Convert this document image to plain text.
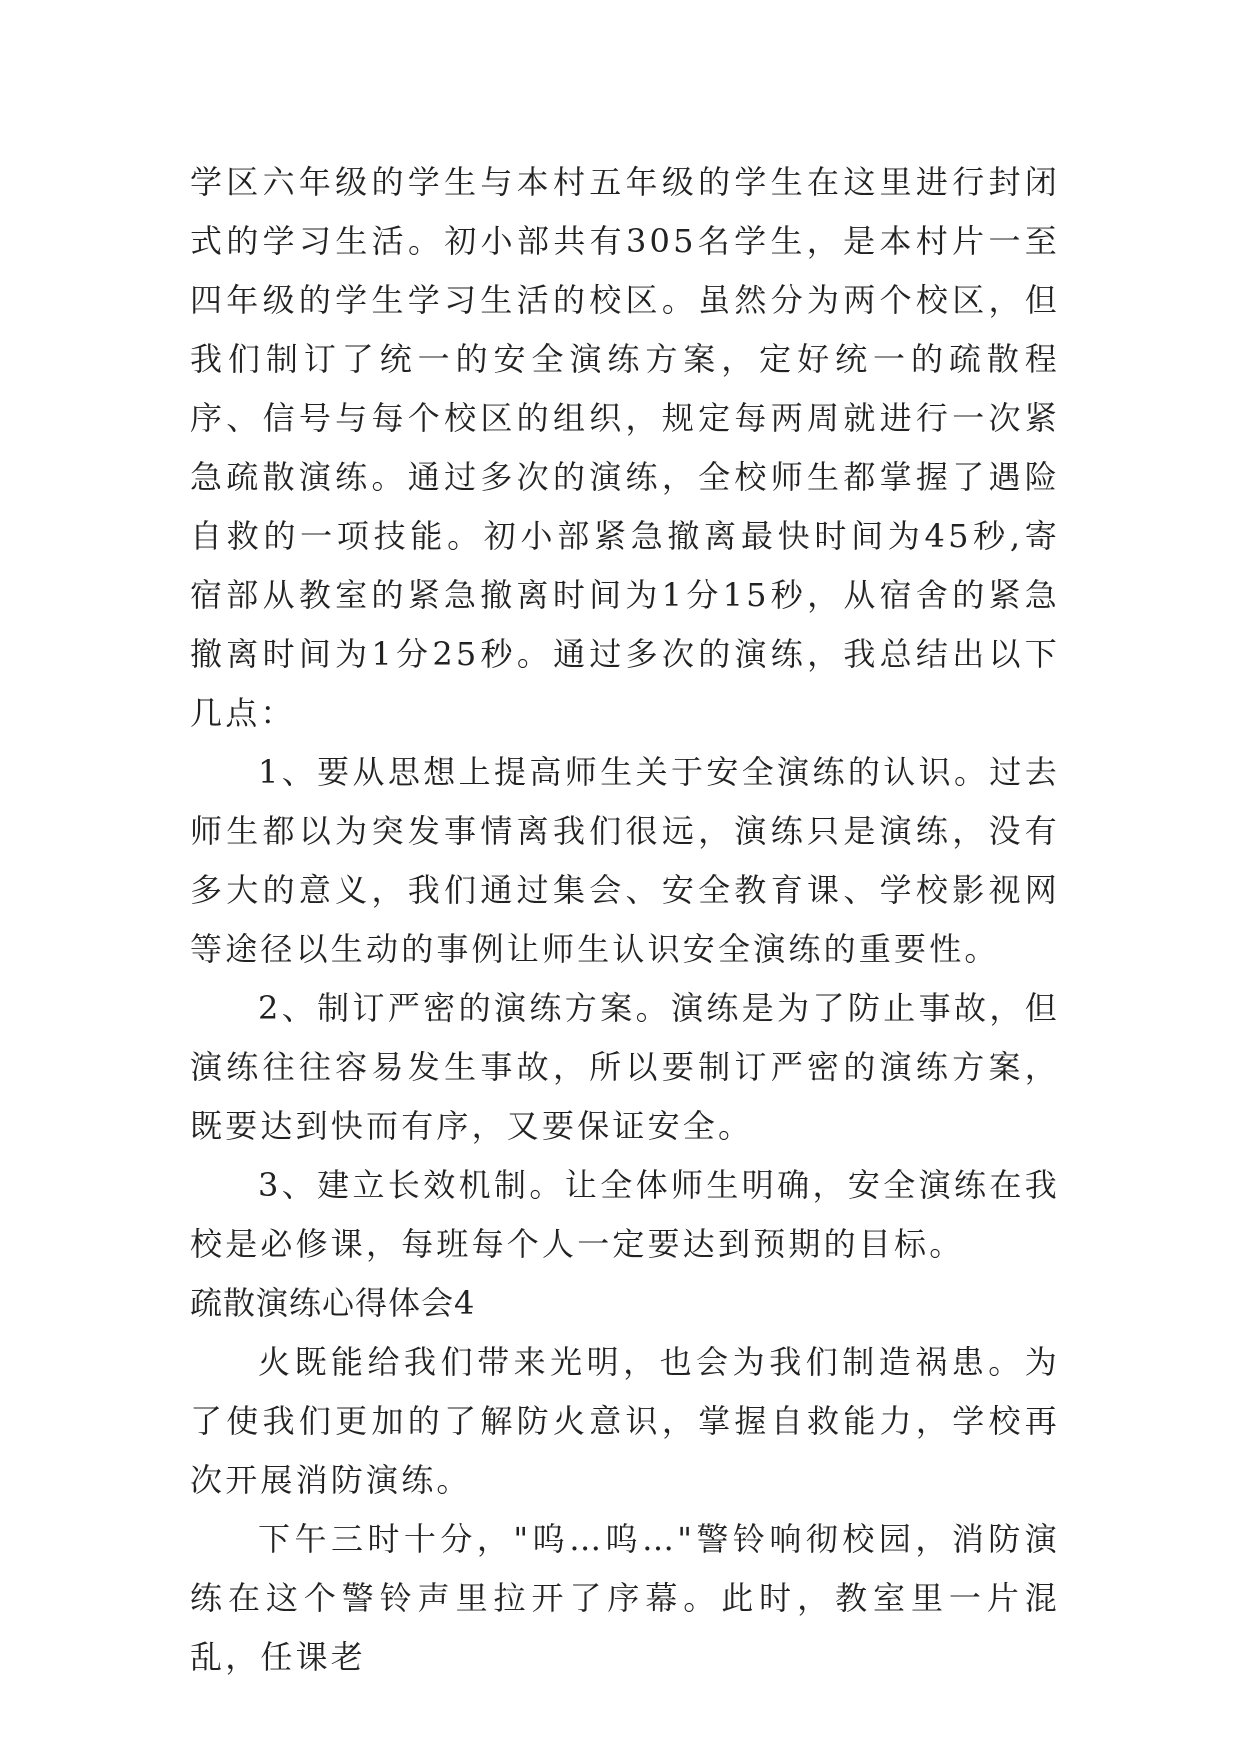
学区六年级的学生与本村五年级的学生在这里进行封闭式的学习生活。初小部共有305名学生，是本村片一至四年级的学生学习生活的校区。虽然分为两个校区，但我们制订了统一的安全演练方案，定好统一的疏散程序、信号与每个校区的组织，规定每两周就进行一次紧急疏散演练。通过多次的演练，全校师生都掌握了遇险自救的一项技能。初小部紧急撤离最快时间为45秒,寄宿部从教室的紧急撤离时间为1分15秒，从宿舍的紧急撤离时间为1分25秒。通过多次的演练，我总结出以下几点：

1、要从思想上提高师生关于安全演练的认识。过去师生都以为突发事情离我们很远，演练只是演练，没有多大的意义，我们通过集会、安全教育课、学校影视网等途径以生动的事例让师生认识安全演练的重要性。

2、制订严密的演练方案。演练是为了防止事故，但演练往往容易发生事故，所以要制订严密的演练方案，既要达到快而有序，又要保证安全。

3、建立长效机制。让全体师生明确，安全演练在我校是必修课，每班每个人一定要达到预期的目标。

疏散演练心得体会4

火既能给我们带来光明，也会为我们制造祸患。为了使我们更加的了解防火意识，掌握自救能力，学校再次开展消防演练。

下午三时十分，"呜…呜…"警铃响彻校园，消防演练在这个警铃声里拉开了序幕。此时，教室里一片混乱，任课老
